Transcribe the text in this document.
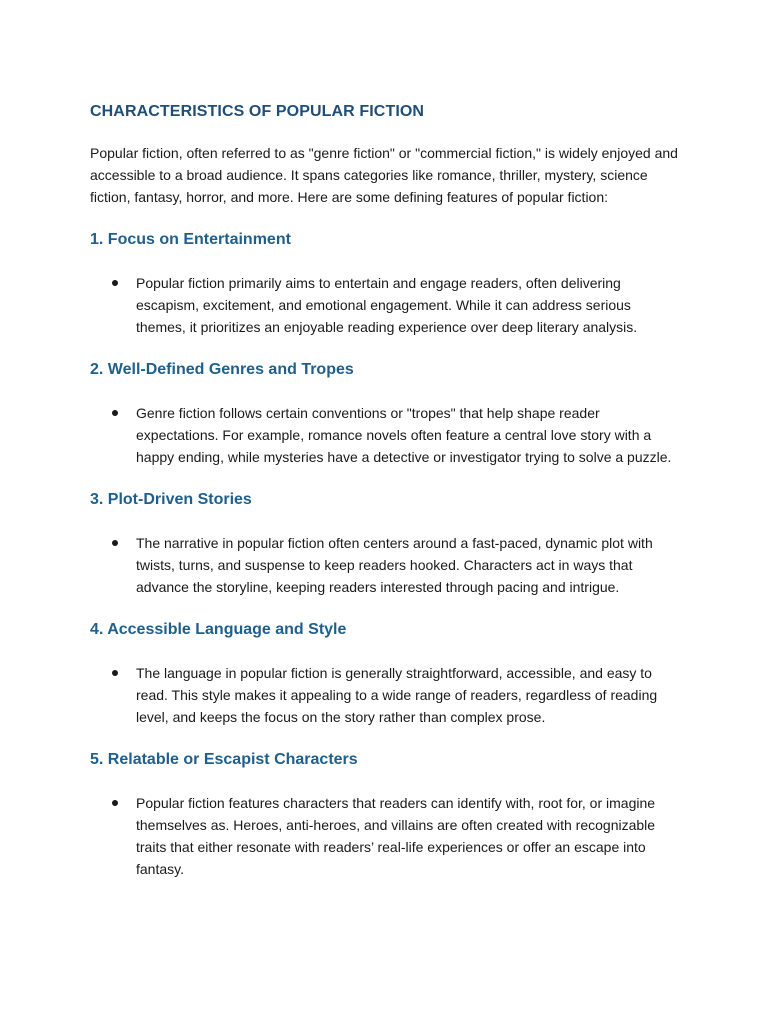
CHARACTERISTICS OF POPULAR FICTION

Popular fiction, often referred to as "genre fiction" or "commercial fiction," is widely enjoyed and accessible to a broad audience. It spans categories like romance, thriller, mystery, science fiction, fantasy, horror, and more. Here are some defining features of popular fiction:

1. Focus on Entertainment
Popular fiction primarily aims to entertain and engage readers, often delivering escapism, excitement, and emotional engagement. While it can address serious themes, it prioritizes an enjoyable reading experience over deep literary analysis.
2. Well-Defined Genres and Tropes
Genre fiction follows certain conventions or "tropes" that help shape reader expectations. For example, romance novels often feature a central love story with a happy ending, while mysteries have a detective or investigator trying to solve a puzzle.
3. Plot-Driven Stories
The narrative in popular fiction often centers around a fast-paced, dynamic plot with twists, turns, and suspense to keep readers hooked. Characters act in ways that advance the storyline, keeping readers interested through pacing and intrigue.
4. Accessible Language and Style
The language in popular fiction is generally straightforward, accessible, and easy to read. This style makes it appealing to a wide range of readers, regardless of reading level, and keeps the focus on the story rather than complex prose.
5. Relatable or Escapist Characters
Popular fiction features characters that readers can identify with, root for, or imagine themselves as. Heroes, anti-heroes, and villains are often created with recognizable traits that either resonate with readers’ real-life experiences or offer an escape into fantasy.
